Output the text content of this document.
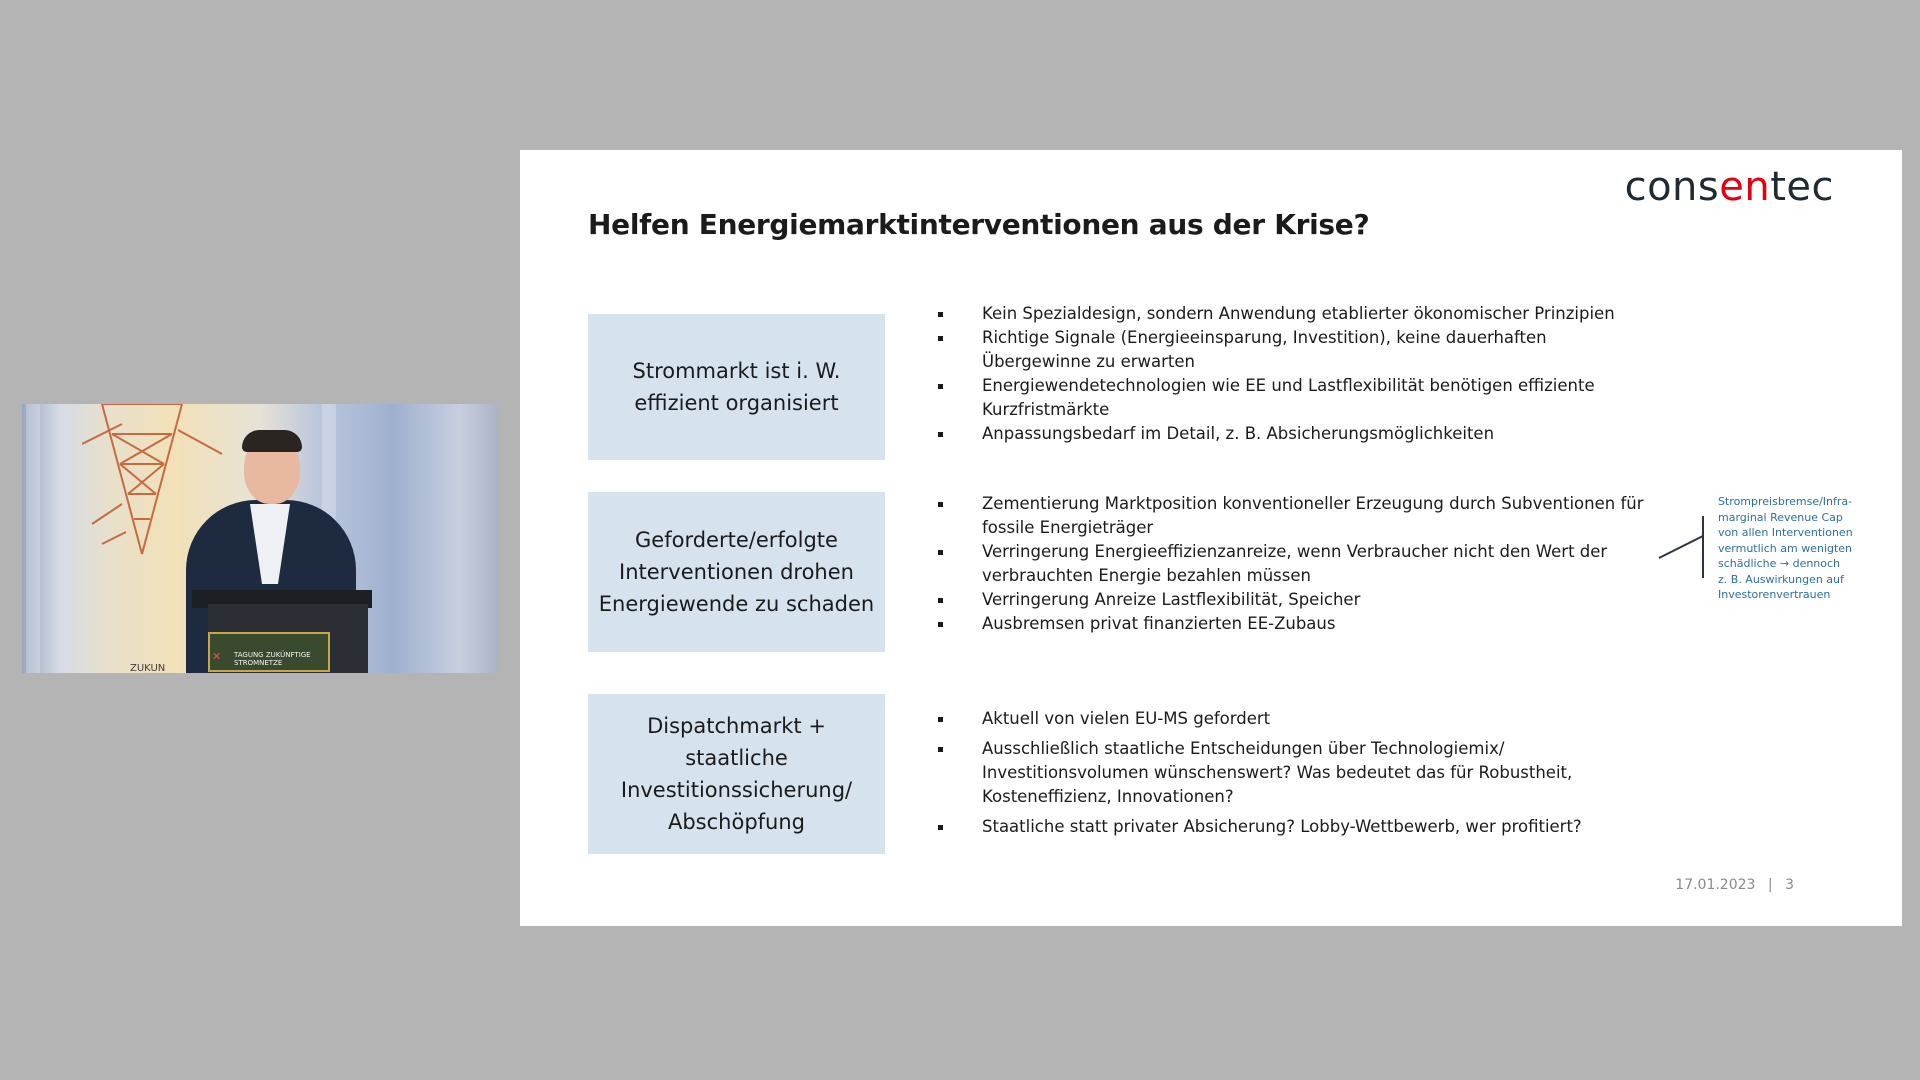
✕ TAGUNG ZUKÜNFTIGE
STROMNETZE
ZUKUN
consentec
Helfen Energiemarktinterventionen aus der Krise?
Strommarkt ist i. W.
effizient organisiert
Kein Spezialdesign, sondern Anwendung etablierter ökonomischer Prinzipien
Richtige Signale (Energieeinsparung, Investition), keine dauerhaften
Übergewinne zu erwarten
Energiewendetechnologien wie EE und Lastflexibilität benötigen effiziente
Kurzfristmärkte
Anpassungsbedarf im Detail, z. B. Absicherungsmöglichkeiten
Geforderte/erfolgte
Interventionen drohen
Energiewende zu schaden
Zementierung Marktposition konventioneller Erzeugung durch Subventionen für
fossile Energieträger
Verringerung Energieeffizienzanreize, wenn Verbraucher nicht den Wert der
verbrauchten Energie bezahlen müssen
Verringerung Anreize Lastflexibilität, Speicher
Ausbremsen privat finanzierten EE-Zubaus
Strompreisbremse/Infra-
marginal Revenue Cap
von allen Interventionen
vermutlich am wenigten
schädliche → dennoch
z. B. Auswirkungen auf
Investorenvertrauen
Dispatchmarkt +
staatliche
Investitionssicherung/
Abschöpfung
Aktuell von vielen EU-MS gefordert
Ausschließlich staatliche Entscheidungen über Technologiemix/
Investitionsvolumen wünschenswert? Was bedeutet das für Robustheit,
Kosteneffizienz, Innovationen?
Staatliche statt privater Absicherung? Lobby-Wettbewerb, wer profitiert?
17.01.2023 | 3
